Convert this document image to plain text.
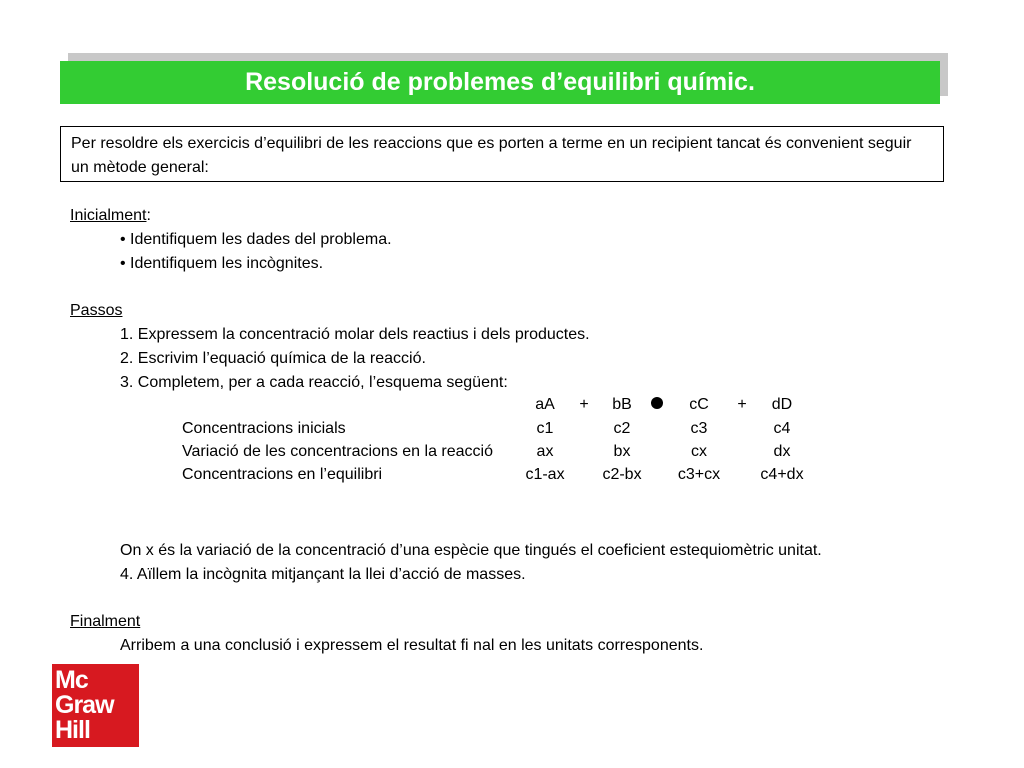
Resolució de problemes d’equilibri químic.
Per resoldre els exercicis d’equilibri de les reaccions que es porten a terme en un recipient tancat és convenient seguir un mètode general:
Inicialment:
• Identifiquem les dades del problema.
• Identifiquem les incògnites.
Passos
1. Expressem la concentració molar dels reactius i dels productes.
2. Escrivim l’equació química de la reacció.
3. Completem, per a cada reacció, l’esquema següent:
aA	+	bB	cC	+	dD
Concentracions inicials	c1	c2	c3	c4
Variació de les concentracions en la reacció	ax	bx	cx	dx
Concentracions en l’equilibri	c1-ax	c2-bx	c3+cx	c4+dx
On x és la variació de la concentració d’una espècie que tingués el coeficient estequiomètric unitat.
4. Aïllem la incògnita mitjançant la llei d’acció de masses.
Finalment
Arribem a una conclusió i expressem el resultat fi nal en les unitats corresponents.
Mc
Graw
Hill
